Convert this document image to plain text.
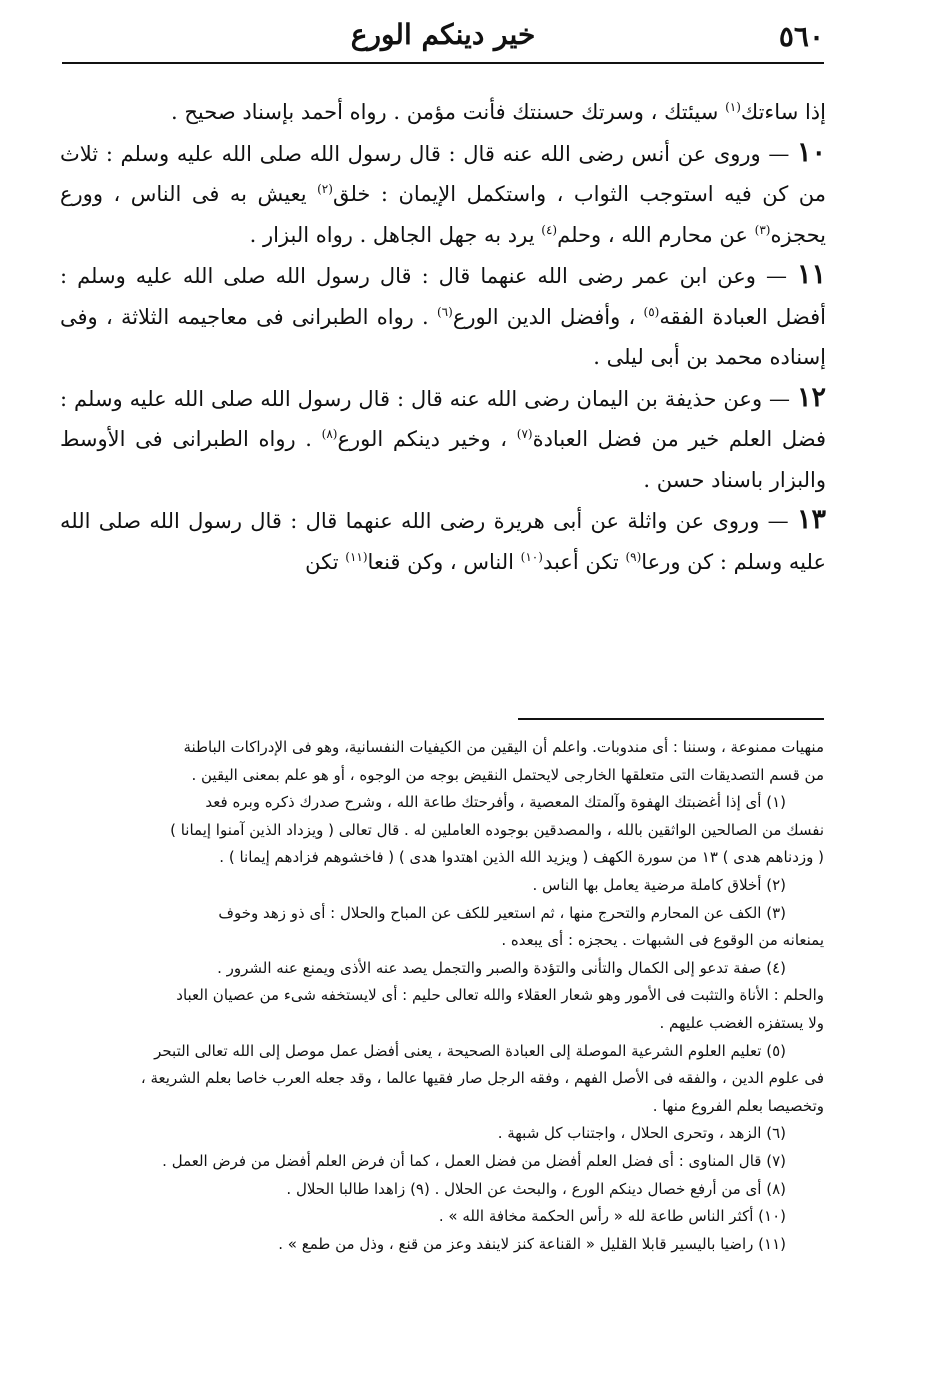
٥٦٠
خير دينكم الورع

إذا ساءتك$^{(١)}$ سيئتك ، وسرتك حسنتك فأنت مؤمن . رواه أحمد بإسناد صحيح .

١٠ — وروى عن أنس رضى الله عنه قال : قال رسول الله صلى الله عليه وسلم : ثلاث من كن فيه استوجب الثواب ، واستكمل الإيمان : خلق$^{(٢)}$ يعيش به فى الناس ، وورع يحجزه$^{(٣)}$ عن محارم الله ، وحلم$^{(٤)}$ يرد به جهل الجاهل . رواه البزار .

١١ — وعن ابن عمر رضى الله عنهما قال : قال رسول الله صلى الله عليه وسلم : أفضل العبادة الفقه$^{(٥)}$ ، وأفضل الدين الورع$^{(٦)}$ . رواه الطبرانى فى معاجيمه الثلاثة ، وفى إسناده محمد بن أبى ليلى .

١٢ — وعن حذيفة بن اليمان رضى الله عنه قال : قال رسول الله صلى الله عليه وسلم : فضل العلم خير من فضل العبادة$^{(٧)}$ ، وخير دينكم الورع$^{(٨)}$ . رواه الطبرانى فى الأوسط والبزار باسناد حسن .

١٣ — وروى عن واثلة عن أبى هريرة رضى الله عنهما قال : قال رسول الله صلى الله عليه وسلم : كن ورعا$^{(٩)}$ تكن أعبد$^{(١٠)}$ الناس ، وكن قنعا$^{(١١)}$ تكن

منهيات ممنوعة ، وسننا : أى مندوبات. واعلم أن اليقين من الكيفيات النفسانية، وهو فى الإدراكات الباطنة

من قسم التصديقات التى متعلقها الخارجى لايحتمل النقيض بوجه من الوجوه ، أو هو علم بمعنى اليقين .

(١) أى إذا أغضبتك الهفوة وآلمتك المعصية ، وأفرحتك طاعة الله ، وشرح صدرك ذكره وبره فعد

نفسك من الصالحين الواثقين بالله ، والمصدقين بوجوده العاملين له . قال تعالى ( ويزداد الذين آمنوا إيمانا )

( وزدناهم هدى ) ١٣ من سورة الكهف ( ويزيد الله الذين اهتدوا هدى ) ( فاخشوهم فزادهم إيمانا ) .

(٢) أخلاق كاملة مرضية يعامل بها الناس .

(٣) الكف عن المحارم والتحرج منها ، ثم استعير للكف عن المباح والحلال : أى ذو زهد وخوف

يمنعانه من الوقوع فى الشبهات . يحجزه : أى يبعده .

(٤) صفة تدعو إلى الكمال والتأنى والتؤدة والصبر والتجمل يصد عنه الأذى ويمنع عنه الشرور .

والحلم : الأناة والتثبت فى الأمور وهو شعار العقلاء والله تعالى حليم : أى لايستخفه شىء من عصيان العباد

ولا يستفزه الغضب عليهم .

(٥) تعليم العلوم الشرعية الموصلة إلى العبادة الصحيحة ، يعنى أفضل عمل موصل إلى الله تعالى التبحر

فى علوم الدين ، والفقه فى الأصل الفهم ، وفقه الرجل صار فقيها عالما ، وقد جعله العرب خاصا بعلم الشريعة ،

وتخصيصا بعلم الفروع منها .

(٦) الزهد ، وتحرى الحلال ، واجتناب كل شبهة .

(٧) قال المناوى : أى فضل العلم أفضل من فضل العمل ، كما أن فرض العلم أفضل من فرض العمل .

(٨) أى من أرفع خصال دينكم الورع ، والبحث عن الحلال . (٩) زاهدا طالبا الحلال .

(١٠) أكثر الناس طاعة لله « رأس الحكمة مخافة الله » .

(١١) راضيا باليسير قابلا القليل « القناعة كنز لاينفد وعز من قنع ، وذل من طمع » .
